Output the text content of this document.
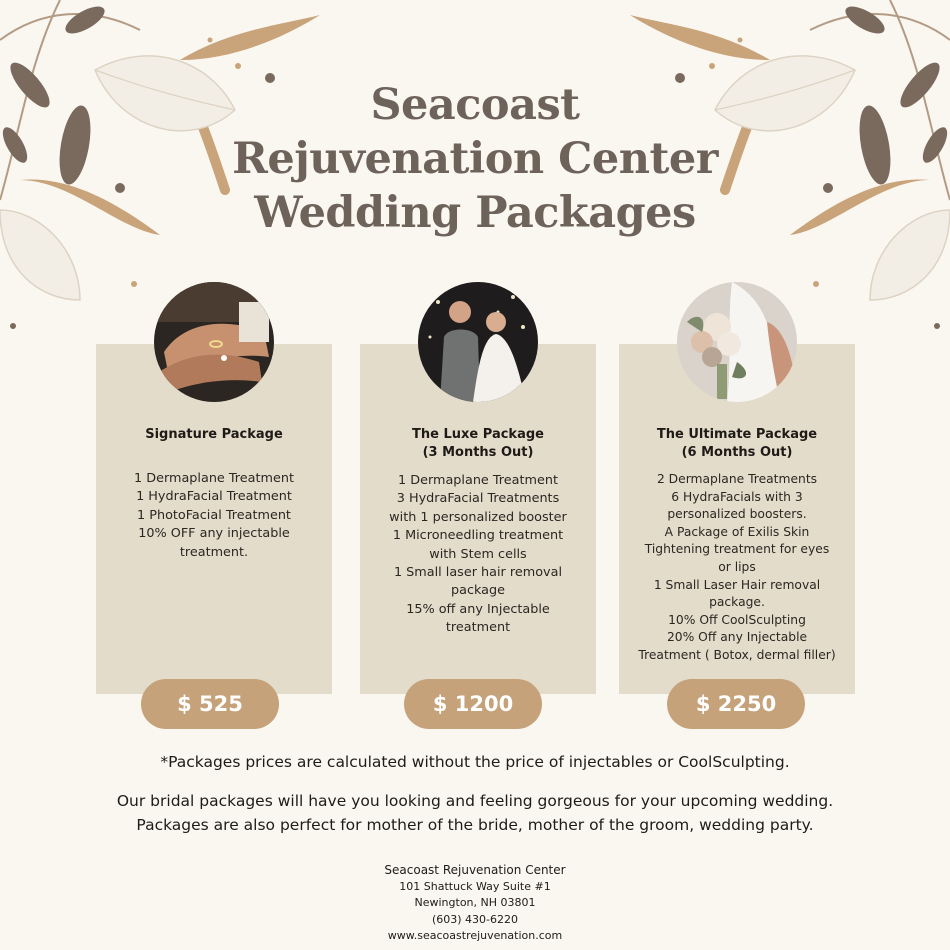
Seacoast
Rejuvenation Center
Wedding Packages
Signature Package
1 Dermaplane Treatment
1 HydraFacial Treatment
1 PhotoFacial Treatment
10% OFF any injectable
treatment.
The Luxe Package
(3 Months Out)
1 Dermaplane Treatment
3 HydraFacial Treatments
with 1 personalized booster
1 Microneedling treatment
with Stem cells
1 Small laser hair removal
package
15% off any Injectable
treatment
The Ultimate Package
(6 Months Out)
2 Dermaplane Treatments
6 HydraFacials with 3
personalized boosters.
A Package of Exilis Skin
Tightening treatment for eyes
or lips
1 Small Laser Hair removal
package.
10% Off CoolSculpting
20% Off any Injectable
Treatment ( Botox, dermal filler)
$ 525	$ 1200	$ 2250

*Packages prices are calculated without the price of injectables or CoolSculpting.

Our bridal packages will have you looking and feeling gorgeous for your upcoming wedding.
Packages are also perfect for mother of the bride, mother of the groom, wedding party.

Seacoast Rejuvenation Center
101 Shattuck Way Suite #1
Newington, NH 03801
(603) 430-6220
www.seacoastrejuvenation.com
